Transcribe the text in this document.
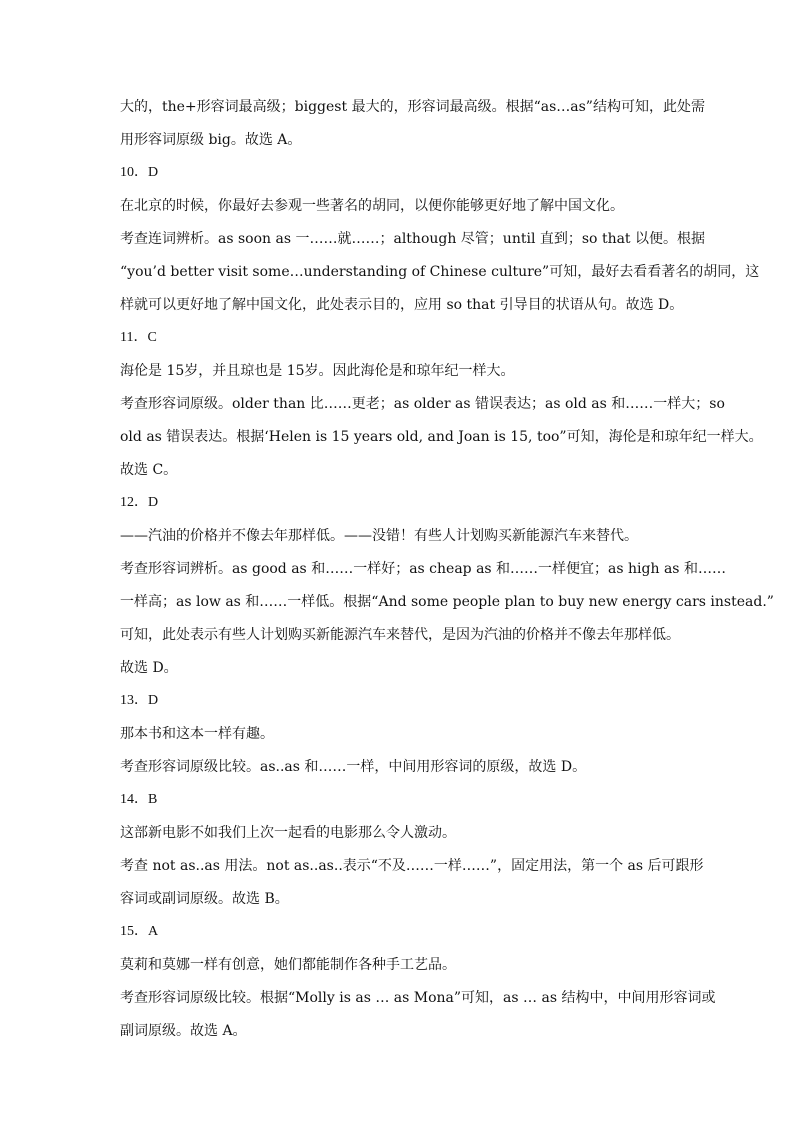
大的，the+形容词最高级；biggest 最大的，形容词最高级。根据“as…as”结构可知，此处需
用形容词原级 big。故选 A。
10．D
在北京的时候，你最好去参观一些著名的胡同，以便你能够更好地了解中国文化。
考查连词辨析。as soon as 一……就……；although 尽管；until 直到；so that 以便。根据
“you’d better visit some…understanding of Chinese culture”可知，最好去看看著名的胡同，这
样就可以更好地了解中国文化，此处表示目的，应用 so that 引导目的状语从句。故选 D。
11．C
海伦是 15岁，并且琼也是 15岁。因此海伦是和琼年纪一样大。
考查形容词原级。older than 比……更老；as older as 错误表达；as old as 和……一样大；so
old as 错误表达。根据‘Helen is 15 years old, and Joan is 15, too”可知，海伦是和琼年纪一样大。
故选 C。
12．D
——汽油的价格并不像去年那样低。——没错！有些人计划购买新能源汽车来替代。
考查形容词辨析。as good as 和……一样好；as cheap as 和……一样便宜；as high as 和……
一样高；as low as 和……一样低。根据“And some people plan to buy new energy cars instead.”
可知，此处表示有些人计划购买新能源汽车来替代，是因为汽油的价格并不像去年那样低。
故选 D。
13．D
那本书和这本一样有趣。
考查形容词原级比较。as..as 和……一样，中间用形容词的原级，故选 D。
14．B
这部新电影不如我们上次一起看的电影那么令人激动。
考查 not as..as 用法。not as..as..表示“不及……一样……”，固定用法，第一个 as 后可跟形
容词或副词原级。故选 B。
15．A
莫莉和莫娜一样有创意，她们都能制作各种手工艺品。
考查形容词原级比较。根据“Molly is as … as Mona”可知，as … as 结构中，中间用形容词或
副词原级。故选 A。
